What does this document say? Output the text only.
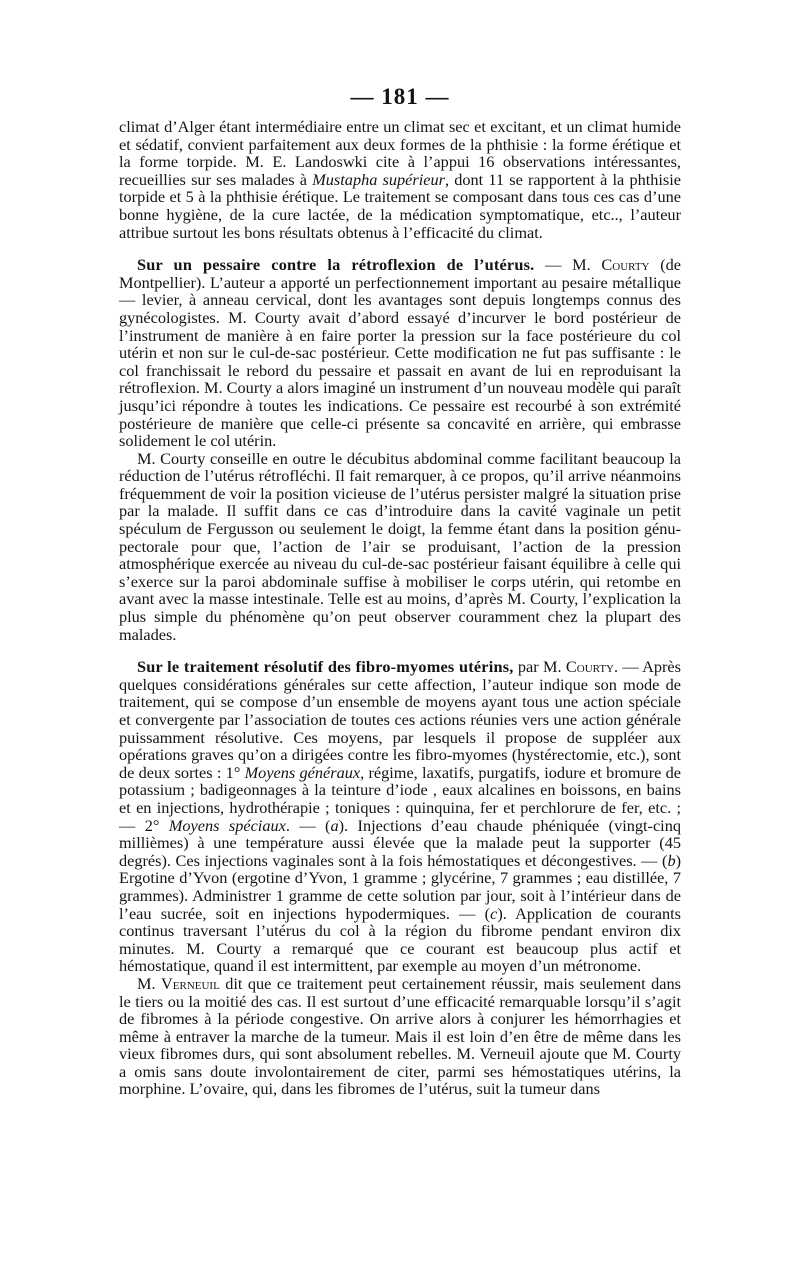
— 181 —

climat d’Alger étant intermédiaire entre un climat sec et excitant, et un climat humide et sédatif, convient parfaitement aux deux formes de la phthisie : la forme érétique et la forme torpide. M. E. Landoswki cite à l’appui 16 observations intéressantes, recueillies sur ses malades à Mustapha supérieur, dont 11 se rapportent à la phthisie torpide et 5 à la phthisie érétique. Le traitement se composant dans tous ces cas d’une bonne hygiène, de la cure lactée, de la médication symptomatique, etc.., l’auteur attribue surtout les bons résultats obtenus à l’efficacité du climat.

Sur un pessaire contre la rétroflexion de l’utérus. — M. Courty (de Montpellier). L’auteur a apporté un perfectionnement important au pesaire métallique — levier, à anneau cervical, dont les avantages sont depuis longtemps connus des gynécologistes. M. Courty avait d’abord essayé d’incurver le bord postérieur de l’instrument de manière à en faire porter la pression sur la face postérieure du col utérin et non sur le cul-de-sac postérieur. Cette modification ne fut pas suffisante : le col franchissait le rebord du pessaire et passait en avant de lui en reproduisant la rétroflexion. M. Courty a alors imaginé un instrument d’un nouveau modèle qui paraît jusqu’ici répondre à toutes les indications. Ce pessaire est recourbé à son extrémité postérieure de manière que celle-ci présente sa concavité en arrière, qui embrasse solidement le col utérin.

M. Courty conseille en outre le décubitus abdominal comme facilitant beaucoup la réduction de l’utérus rétrofléchi. Il fait remarquer, à ce propos, qu’il arrive néanmoins fréquemment de voir la position vicieuse de l’utérus persister malgré la situation prise par la malade. Il suffit dans ce cas d’introduire dans la cavité vaginale un petit spéculum de Fergusson ou seulement le doigt, la femme étant dans la position génu-pectorale pour que, l’action de l’air se produisant, l’action de la pression atmosphérique exercée au niveau du cul-de-sac postérieur faisant équilibre à celle qui s’exerce sur la paroi abdominale suffise à mobiliser le corps utérin, qui retombe en avant avec la masse intestinale. Telle est au moins, d’après M. Courty, l’explication la plus simple du phénomène qu’on peut observer couramment chez la plupart des malades.

Sur le traitement résolutif des fibro-myomes utérins, par M. Courty. — Après quelques considérations générales sur cette affection, l’auteur indique son mode de traitement, qui se compose d’un ensemble de moyens ayant tous une action spéciale et convergente par l’association de toutes ces actions réunies vers une action générale puissamment résolutive. Ces moyens, par lesquels il propose de suppléer aux opérations graves qu’on a dirigées contre les fibro-myomes (hystérectomie, etc.), sont de deux sortes : 1° Moyens généraux, régime, laxatifs, purgatifs, iodure et bromure de potassium ; badigeonnages à la teinture d’iode , eaux alcalines en boissons, en bains et en injections, hydrothérapie ; toniques : quinquina, fer et perchlorure de fer, etc. ; — 2° Moyens spéciaux. — (a). Injections d’eau chaude phéniquée (vingt-cinq millièmes) à une température aussi élevée que la malade peut la supporter (45 degrés). Ces injections vaginales sont à la fois hémostatiques et décongestives. — (b) Ergotine d’Yvon (ergotine d’Yvon, 1 gramme ; glycérine, 7 grammes ; eau distillée, 7 grammes). Administrer 1 gramme de cette solution par jour, soit à l’intérieur dans de l’eau sucrée, soit en injections hypodermiques. — (c). Application de courants continus traversant l’utérus du col à la région du fibrome pendant environ dix minutes. M. Courty a remarqué que ce courant est beaucoup plus actif et hémostatique, quand il est intermittent, par exemple au moyen d’un métronome.

M. Verneuil dit que ce traitement peut certainement réussir, mais seulement dans le tiers ou la moitié des cas. Il est surtout d’une efficacité remarquable lorsqu’il s’agit de fibromes à la période congestive. On arrive alors à conjurer les hémorrhagies et même à entraver la marche de la tumeur. Mais il est loin d’en être de même dans les vieux fibromes durs, qui sont absolument rebelles. M. Verneuil ajoute que M. Courty a omis sans doute involontairement de citer, parmi ses hémostatiques utérins, la morphine. L’ovaire, qui, dans les fibromes de l’utérus, suit la tumeur dans
